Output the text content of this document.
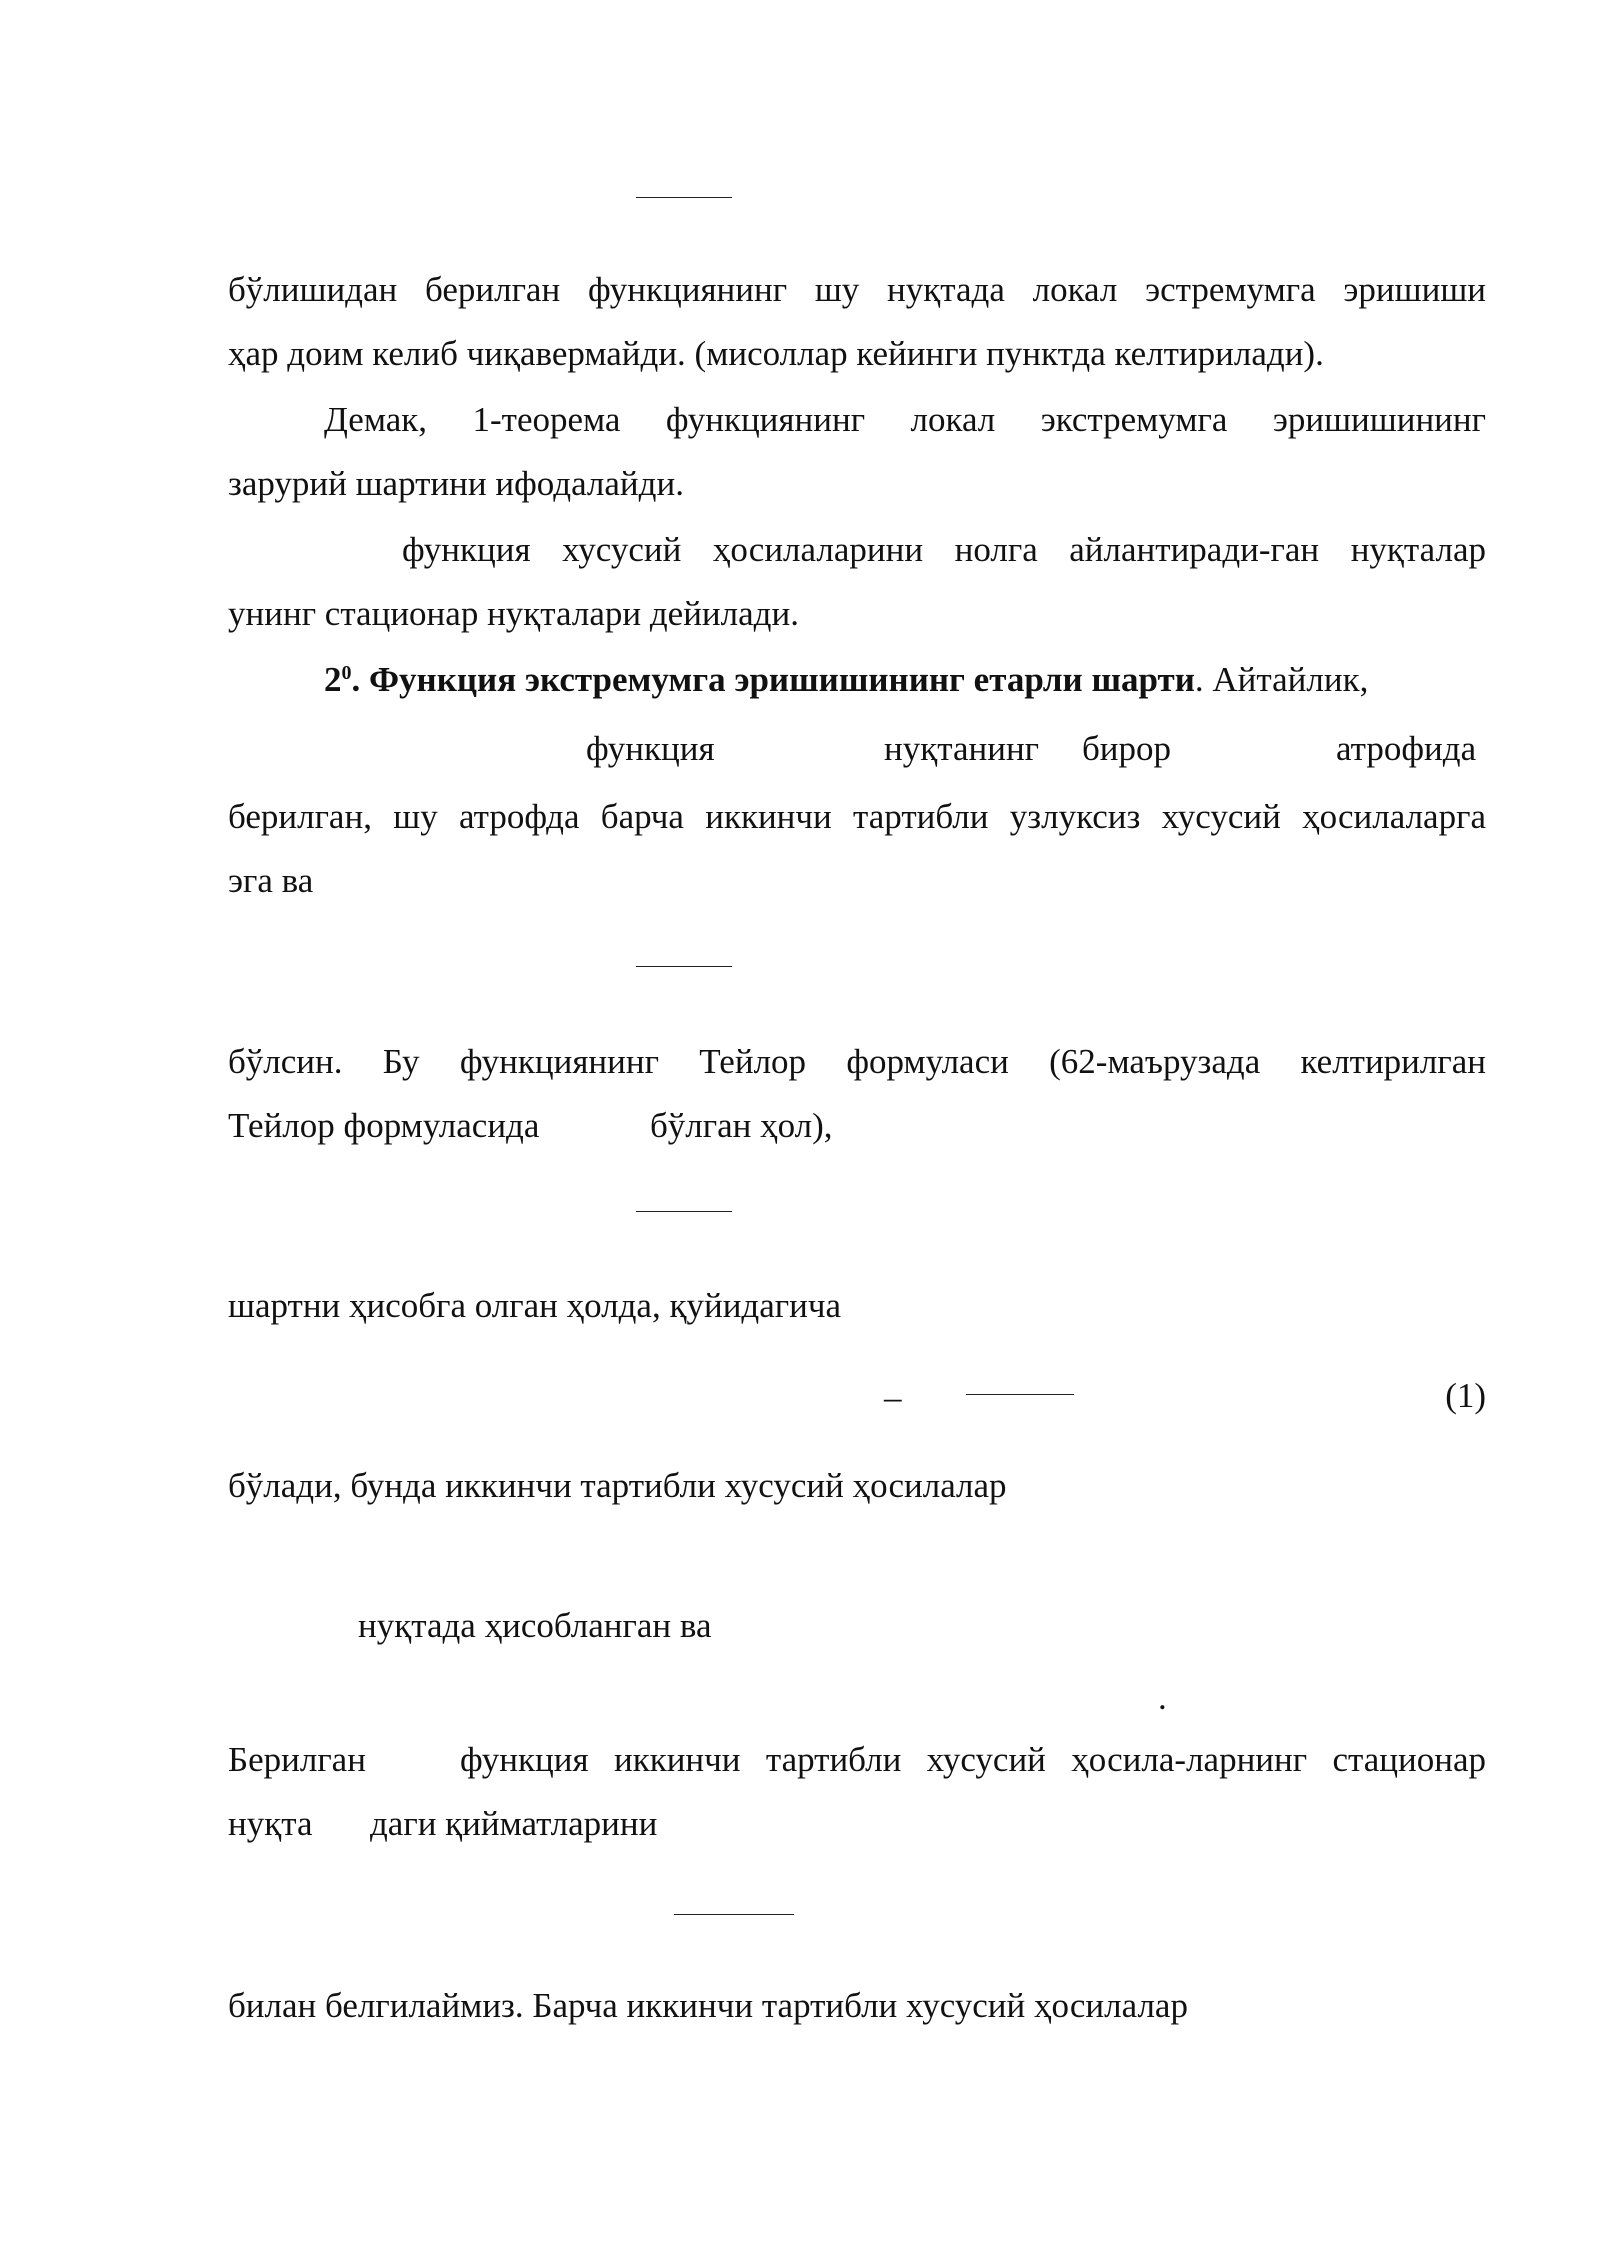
бўлишидан берилган функциянинг шу нуқтада локал эстремумга эришиши
ҳар доим келиб чиқавермайди. (мисоллар кейинги пунктда келтирилади).
Демак, 1-теорема функциянинг локал экстремумга эришишининг
зарурий шартини ифодалайди.
функция хусусий ҳосилаларини нолга айлантиради-ган нуқталар
унинг стационар нуқталари дейилади.
$2^0$. Функция экстремумга эришишининг етарли шарти. Айтайлик,
функция	нуқтанинг бирор	атрофида
берилган, шу атрофда барча иккинчи тартибли узлуксиз хусусий ҳосилаларга
эга ва
бўлсин. Бу функциянинг Тейлор формуласи (62-маърузада келтирилган
Тейлор формуласида	бўлган ҳол),
шартни ҳисобга олган ҳолда, қуйидагича
–	(1)
бўлади, бунда иккинчи тартибли хусусий ҳосилалар
нуқтада ҳисобланган ва
.
Берилган	функция иккинчи тартибли хусусий ҳосила-ларнинг стационар
нуқта даги қийматларини
билан белгилаймиз. Барча иккинчи тартибли хусусий ҳосилалар
